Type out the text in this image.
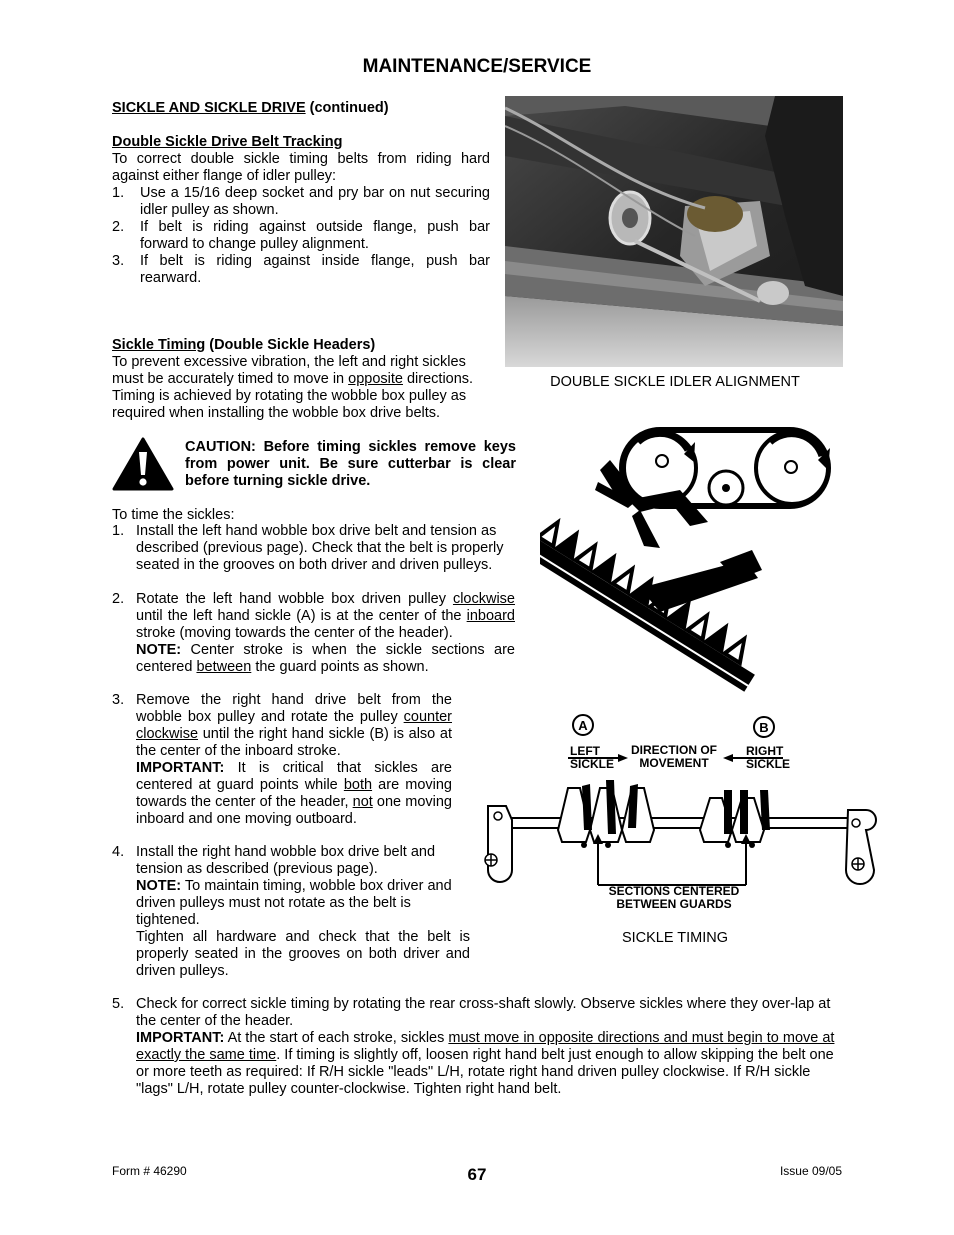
MAINTENANCE/SERVICE
SICKLE AND SICKLE DRIVE (continued)
Double Sickle Drive Belt Tracking

To correct double sickle timing belts from riding hard against either flange of idler pulley:

1. Use a 15/16 deep socket and pry bar on nut securing idler pulley as shown.
2. If belt is riding against outside flange, push bar forward to change pulley alignment.
3. If belt is riding against inside flange, push bar rearward.
DOUBLE SICKLE IDLER ALIGNMENT
Sickle Timing (Double Sickle Headers)

To prevent excessive vibration, the left and right sickles must be accurately timed to move in opposite directions. Timing is achieved by rotating the wobble box pulley as required when installing the wobble box drive belts.

CAUTION: Before timing sickles remove keys from power unit. Be sure cutterbar is clear before turning sickle drive.
To time the sickles:
1. Install the left hand wobble box drive belt and tension as described (previous page). Check that the belt is properly seated in the grooves on both driver and driven pulleys.
2. Rotate the left hand wobble box driven pulley clockwise until the left hand sickle (A) is at the center of the inboard stroke (moving towards the center of the header).
NOTE: Center stroke is when the sickle sections are centered between the guard points as shown.
3. Remove the right hand drive belt from the wobble box pulley and rotate the pulley counter clockwise until the right hand sickle (B) is also at the center of the inboard stroke.
IMPORTANT: It is critical that sickles are centered at guard points while both are moving towards the center of the header, not one moving inboard and one moving outboard.
4. Install the right hand wobble box drive belt and tension as described (previous page).
NOTE: To maintain timing, wobble box driver and driven pulleys must not rotate as the belt is tightened.
Tighten all hardware and check that the belt is properly seated in the grooves on both driver and driven pulleys.
5. Check for correct sickle timing by rotating the rear cross-shaft slowly. Observe sickles where they over-lap at the center of the header.
IMPORTANT: At the start of each stroke, sickles must move in opposite directions and must begin to move at exactly the same time. If timing is slightly off, loosen right hand belt just enough to allow skipping the belt one or more teeth as required: If R/H sickle "leads" L/H, rotate right hand driven pulley clockwise. If R/H sickle "lags" L/H, rotate pulley counter-clockwise. Tighten right hand belt.
A	B
LEFT
SICKLE
DIRECTION OF
MOVEMENT
RIGHT
SICKLE
SECTIONS CENTERED
BETWEEN GUARDS
SICKLE TIMING
Form # 46290	67	Issue 09/05
